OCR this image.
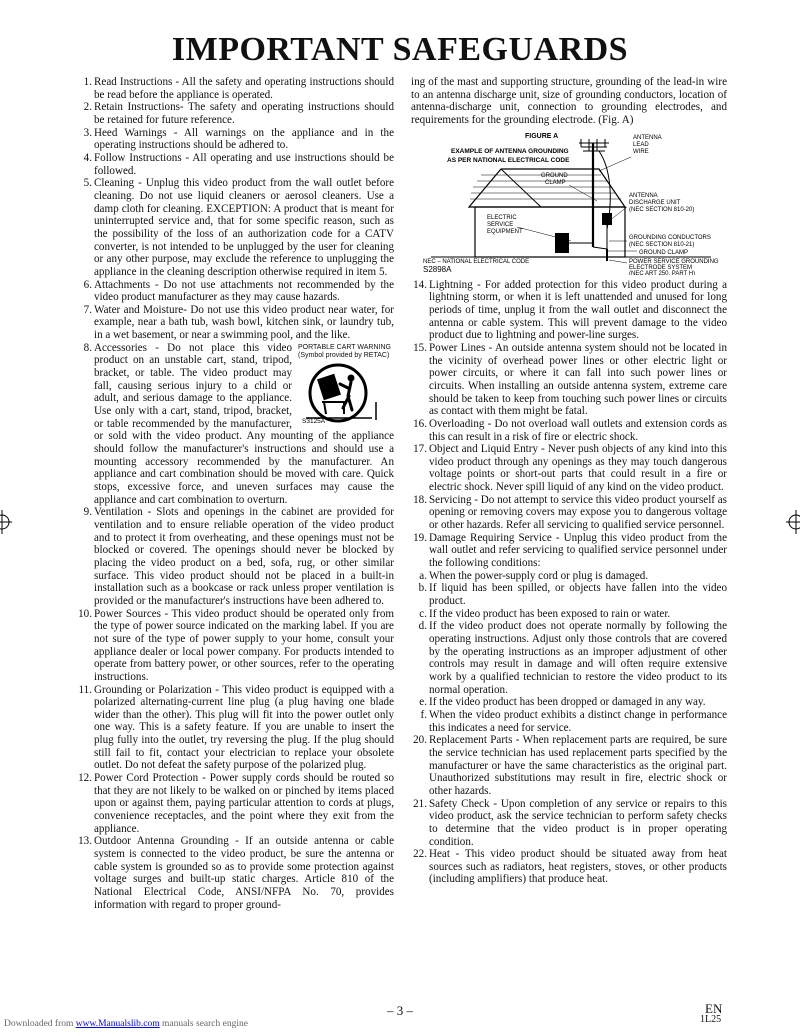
IMPORTANT SAFEGUARDS
1. Read Instructions - All the safety and operating instructions should be read before the appliance is operated.

2. Retain Instructions- The safety and operating instructions should be retained for future reference.

3. Heed Warnings - All warnings on the appliance and in the operating instructions should be adhered to.

4. Follow Instructions - All operating and use instructions should be followed.

5. Cleaning - Unplug this video product from the wall outlet before cleaning. Do not use liquid cleaners or aerosol cleaners. Use a damp cloth for cleaning. EXCEPTION: A product that is meant for uninterrupted service and, that for some specific reason, such as the possibility of the loss of an authorization code for a CATV converter, is not intended to be unplugged by the user for cleaning or any other purpose, may exclude the reference to unplugging the appliance in the cleaning description otherwise required in item 5.

6. Attachments - Do not use attachments not recommended by the video product manufacturer as they may cause hazards.

7. Water and Moisture- Do not use this video product near water, for example, near a bath tub, wash bowl, kitchen sink, or laundry tub, in a wet basement, or near a swimming pool, and the like.

8.	PORTABLE CART WARNING
(Symbol provided by RETAC)
S3125A

Accessories - Do not place this video product on an unstable cart, stand, tripod, bracket, or table. The video product may fall, causing serious injury to a child or adult, and serious damage to the appliance. Use only with a cart, stand, tripod, bracket, or table recommended by the manufacturer, or sold with the video product. Any mounting of the appliance should follow the manufacturer's instructions and should use a mounting accessory recommended by the manufacturer. An appliance and cart combination should be moved with care. Quick stops, excessive force, and uneven surfaces may cause the appliance and cart combination to overturn.

9. Ventilation - Slots and openings in the cabinet are provided for ventilation and to ensure reliable operation of the video product and to protect it from overheating, and these openings must not be blocked or covered. The openings should never be blocked by placing the video product on a bed, sofa, rug, or other similar surface. This video product should not be placed in a built-in installation such as a bookcase or rack unless proper ventilation is provided or the manufacturer's instructions have been adhered to.

10. Power Sources - This video product should be operated only from the type of power source indicated on the marking label. If you are not sure of the type of power supply to your home, consult your appliance dealer or local power company. For products intended to operate from battery power, or other sources, refer to the operating instructions.

11. Grounding or Polarization - This video product is equipped with a polarized alternating-current line plug (a plug having one blade wider than the other). This plug will fit into the power outlet only one way. This is a safety feature. If you are unable to insert the plug fully into the outlet, try reversing the plug. If the plug should still fail to fit, contact your electrician to replace your obsolete outlet. Do not defeat the safety purpose of the polarized plug.

12. Power Cord Protection - Power supply cords should be routed so that they are not likely to be walked on or pinched by items placed upon or against them, paying particular attention to cords at plugs, convenience receptacles, and the point where they exit from the appliance.

13. Outdoor Antenna Grounding - If an outside antenna or cable system is connected to the video product, be sure the antenna or cable system is grounded so as to provide some protection against voltage surges and built-up static charges. Article 810 of the National Electrical Code, ANSI/NFPA No. 70, provides information with regard to proper ground-

ing of the mast and supporting structure, grounding of the lead-in wire to an antenna discharge unit, size of grounding conductors, location of antenna-discharge unit, connection to grounding electrodes, and requirements for the grounding electrode. (Fig. A)

FIGURE A
EXAMPLE OF ANTENNA GROUNDING
AS PER NATIONAL ELECTRICAL CODE
ANTENNA
LEAD
WIRE
GROUND
CLAMP
ANTENNA
DISCHARGE UNIT
(NEC SECTION 810-20)
ELECTRIC
SERVICE
EQUIPMENT
GROUNDING CONDUCTORS
(NEC SECTION 810-21)
GROUND CLAMP
NEC – NATIONAL ELECTRICAL CODE	POWER SERVICE GROUNDING
ELECTRODE SYSTEM
(NEC ART 250, PART H)
S2898A
14. Lightning - For added protection for this video product during a lightning storm, or when it is left unattended and unused for long periods of time, unplug it from the wall outlet and disconnect the antenna or cable system. This will prevent damage to the video product due to lightning and power-line surges.

15. Power Lines - An outside antenna system should not be located in the vicinity of overhead power lines or other electric light or power circuits, or where it can fall into such power lines or circuits. When installing an outside antenna system, extreme care should be taken to keep from touching such power lines or circuits as contact with them might be fatal.

16. Overloading - Do not overload wall outlets and extension cords as this can result in a risk of fire or electric shock.

17. Object and Liquid Entry - Never push objects of any kind into this video product through any openings as they may touch dangerous voltage points or short-out parts that could result in a fire or electric shock. Never spill liquid of any kind on the video product.

18. Servicing - Do not attempt to service this video product yourself as opening or removing covers may expose you to dangerous voltage or other hazards. Refer all servicing to qualified service personnel.

19. Damage Requiring Service - Unplug this video product from the wall outlet and refer servicing to qualified service personnel under the following conditions:

a. When the power-supply cord or plug is damaged.

b. If liquid has been spilled, or objects have fallen into the video product.

c. If the video product has been exposed to rain or water.

d. If the video product does not operate normally by following the operating instructions. Adjust only those controls that are covered by the operating instructions as an improper adjustment of other controls may result in damage and will often require extensive work by a qualified technician to restore the video product to its normal operation.

e. If the video product has been dropped or damaged in any way.

f. When the video product exhibits a distinct change in performance this indicates a need for service.

20. Replacement Parts - When replacement parts are required, be sure the service technician has used replacement parts specified by the manufacturer or have the same characteristics as the original part. Unauthorized substitutions may result in fire, electric shock or other hazards.

21. Safety Check - Upon completion of any service or repairs to this video product, ask the service technician to perform safety checks to determine that the video product is in proper operating condition.

22. Heat - This video product should be situated away from heat sources such as radiators, heat registers, stoves, or other products (including amplifiers) that produce heat.

– 3 –	EN
1L25
Downloaded from www.Manualslib.com manuals search engine
